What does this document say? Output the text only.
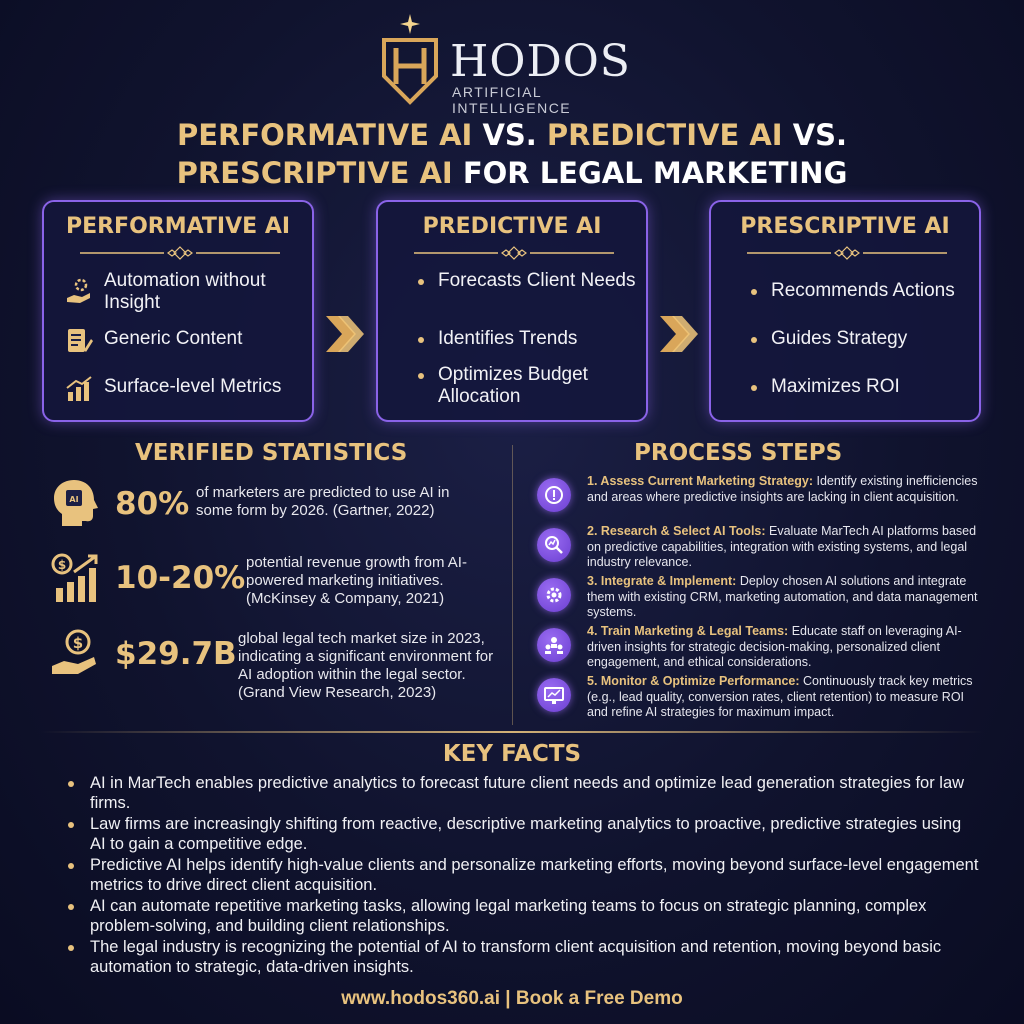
HODOS
ARTIFICIAL INTELLIGENCE
PERFORMATIVE AI VS. PREDICTIVE AI VS.
PRESCRIPTIVE AI FOR LEGAL MARKETING
PERFORMATIVE AI
Automation without Insight
Generic Content
Surface-level Metrics
PREDICTIVE AI
Forecasts Client Needs
Identifies Trends
Optimizes Budget Allocation
PRESCRIPTIVE AI
Recommends Actions
Guides Strategy
Maximizes ROI
VERIFIED STATISTICS	PROCESS STEPS
AI 80% of marketers are predicted to use AI in some form by 2026. (Gartner, 2022)
$ 10-20% potential revenue growth from AI-powered marketing initiatives. (McKinsey & Company, 2021)
$ $29.7B global legal tech market size in 2023, indicating a significant environment for AI adoption within the legal sector. (Grand View Research, 2023)
1. Assess Current Marketing Strategy: Identify existing inefficiencies and areas where predictive insights are lacking in client acquisition.
2. Research & Select AI Tools: Evaluate MarTech AI platforms based on predictive capabilities, integration with existing systems, and legal industry relevance.
3. Integrate & Implement: Deploy chosen AI solutions and integrate them with existing CRM, marketing automation, and data management systems.
4. Train Marketing & Legal Teams: Educate staff on leveraging AI-driven insights for strategic decision-making, personalized client engagement, and ethical considerations.
5. Monitor & Optimize Performance: Continuously track key metrics (e.g., lead quality, conversion rates, client retention) to measure ROI and refine AI strategies for maximum impact.
KEY FACTS
AI in MarTech enables predictive analytics to forecast future client needs and optimize lead generation strategies for law firms.
Law firms are increasingly shifting from reactive, descriptive marketing analytics to proactive, predictive strategies using AI to gain a competitive edge.
Predictive AI helps identify high-value clients and personalize marketing efforts, moving beyond surface-level engagement metrics to drive direct client acquisition.
AI can automate repetitive marketing tasks, allowing legal marketing teams to focus on strategic planning, complex problem-solving, and building client relationships.
The legal industry is recognizing the potential of AI to transform client acquisition and retention, moving beyond basic automation to strategic, data-driven insights.
www.hodos360.ai | Book a Free Demo
